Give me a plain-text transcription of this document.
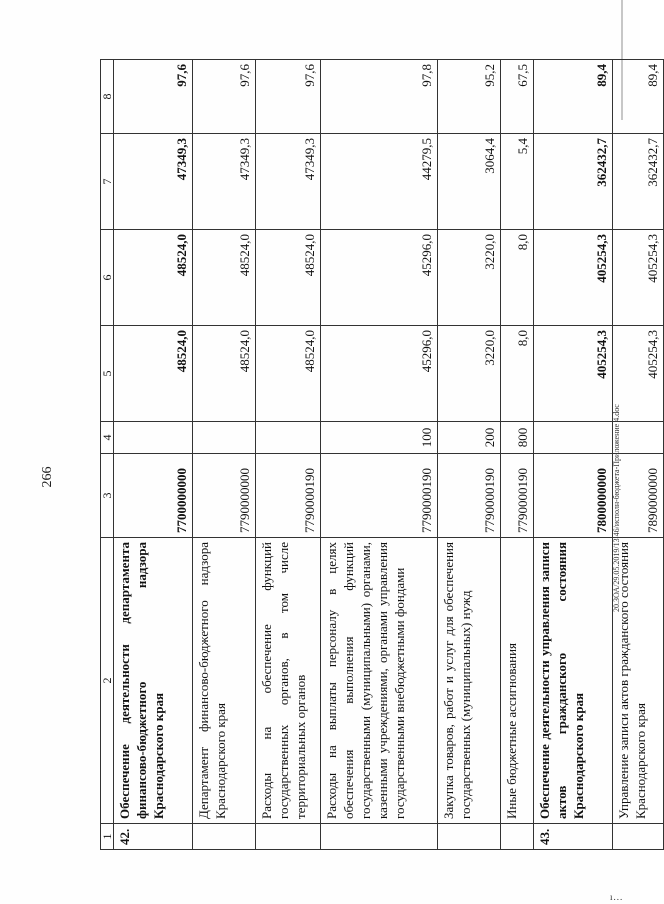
266
1	2	3	4	5	6	7	8
42.	Обеспечение деятельности департамента финансово-бюджетного надзора Краснодарского края	7700000000		48524,0	48524,0	47349,3	97,6
	Департамент финансово-бюджетного надзора Краснодарского края	7790000000		48524,0	48524,0	47349,3	97,6
	Расходы на обеспечение функций государственных органов, в том числе территориальных органов	7790000190		48524,0	48524,0	47349,3	97,6
	Расходы на выплаты персоналу в целях обеспечения выполнения функций государственными (муниципальными) органами, казенными учреждениями, органами управления государственными внебюджетными фондами	7790000190	100	45296,0	45296,0	44279,5	97,8
	Закупка товаров, работ и услуг для обеспечения государственных (муниципальных) нужд	7790000190	200	3220,0	3220,0	3064,4	95,2
	Иные бюджетные ассигнования	7790000190	800	8,0	8,0	5,4	67,5
43.	Обеспечение деятельности управления записи актов гражданского состояния Краснодарского края	7800000000		405254,3	405254,3	362432,7	89,4
	Управление записи актов гражданского состояния Краснодарского края	7890000000		405254,3	405254,3	362432,7	89,4
20.ЗОА/29.05.2019/13.46/исполн-бюджета-Приложение 4.doc
ı...
